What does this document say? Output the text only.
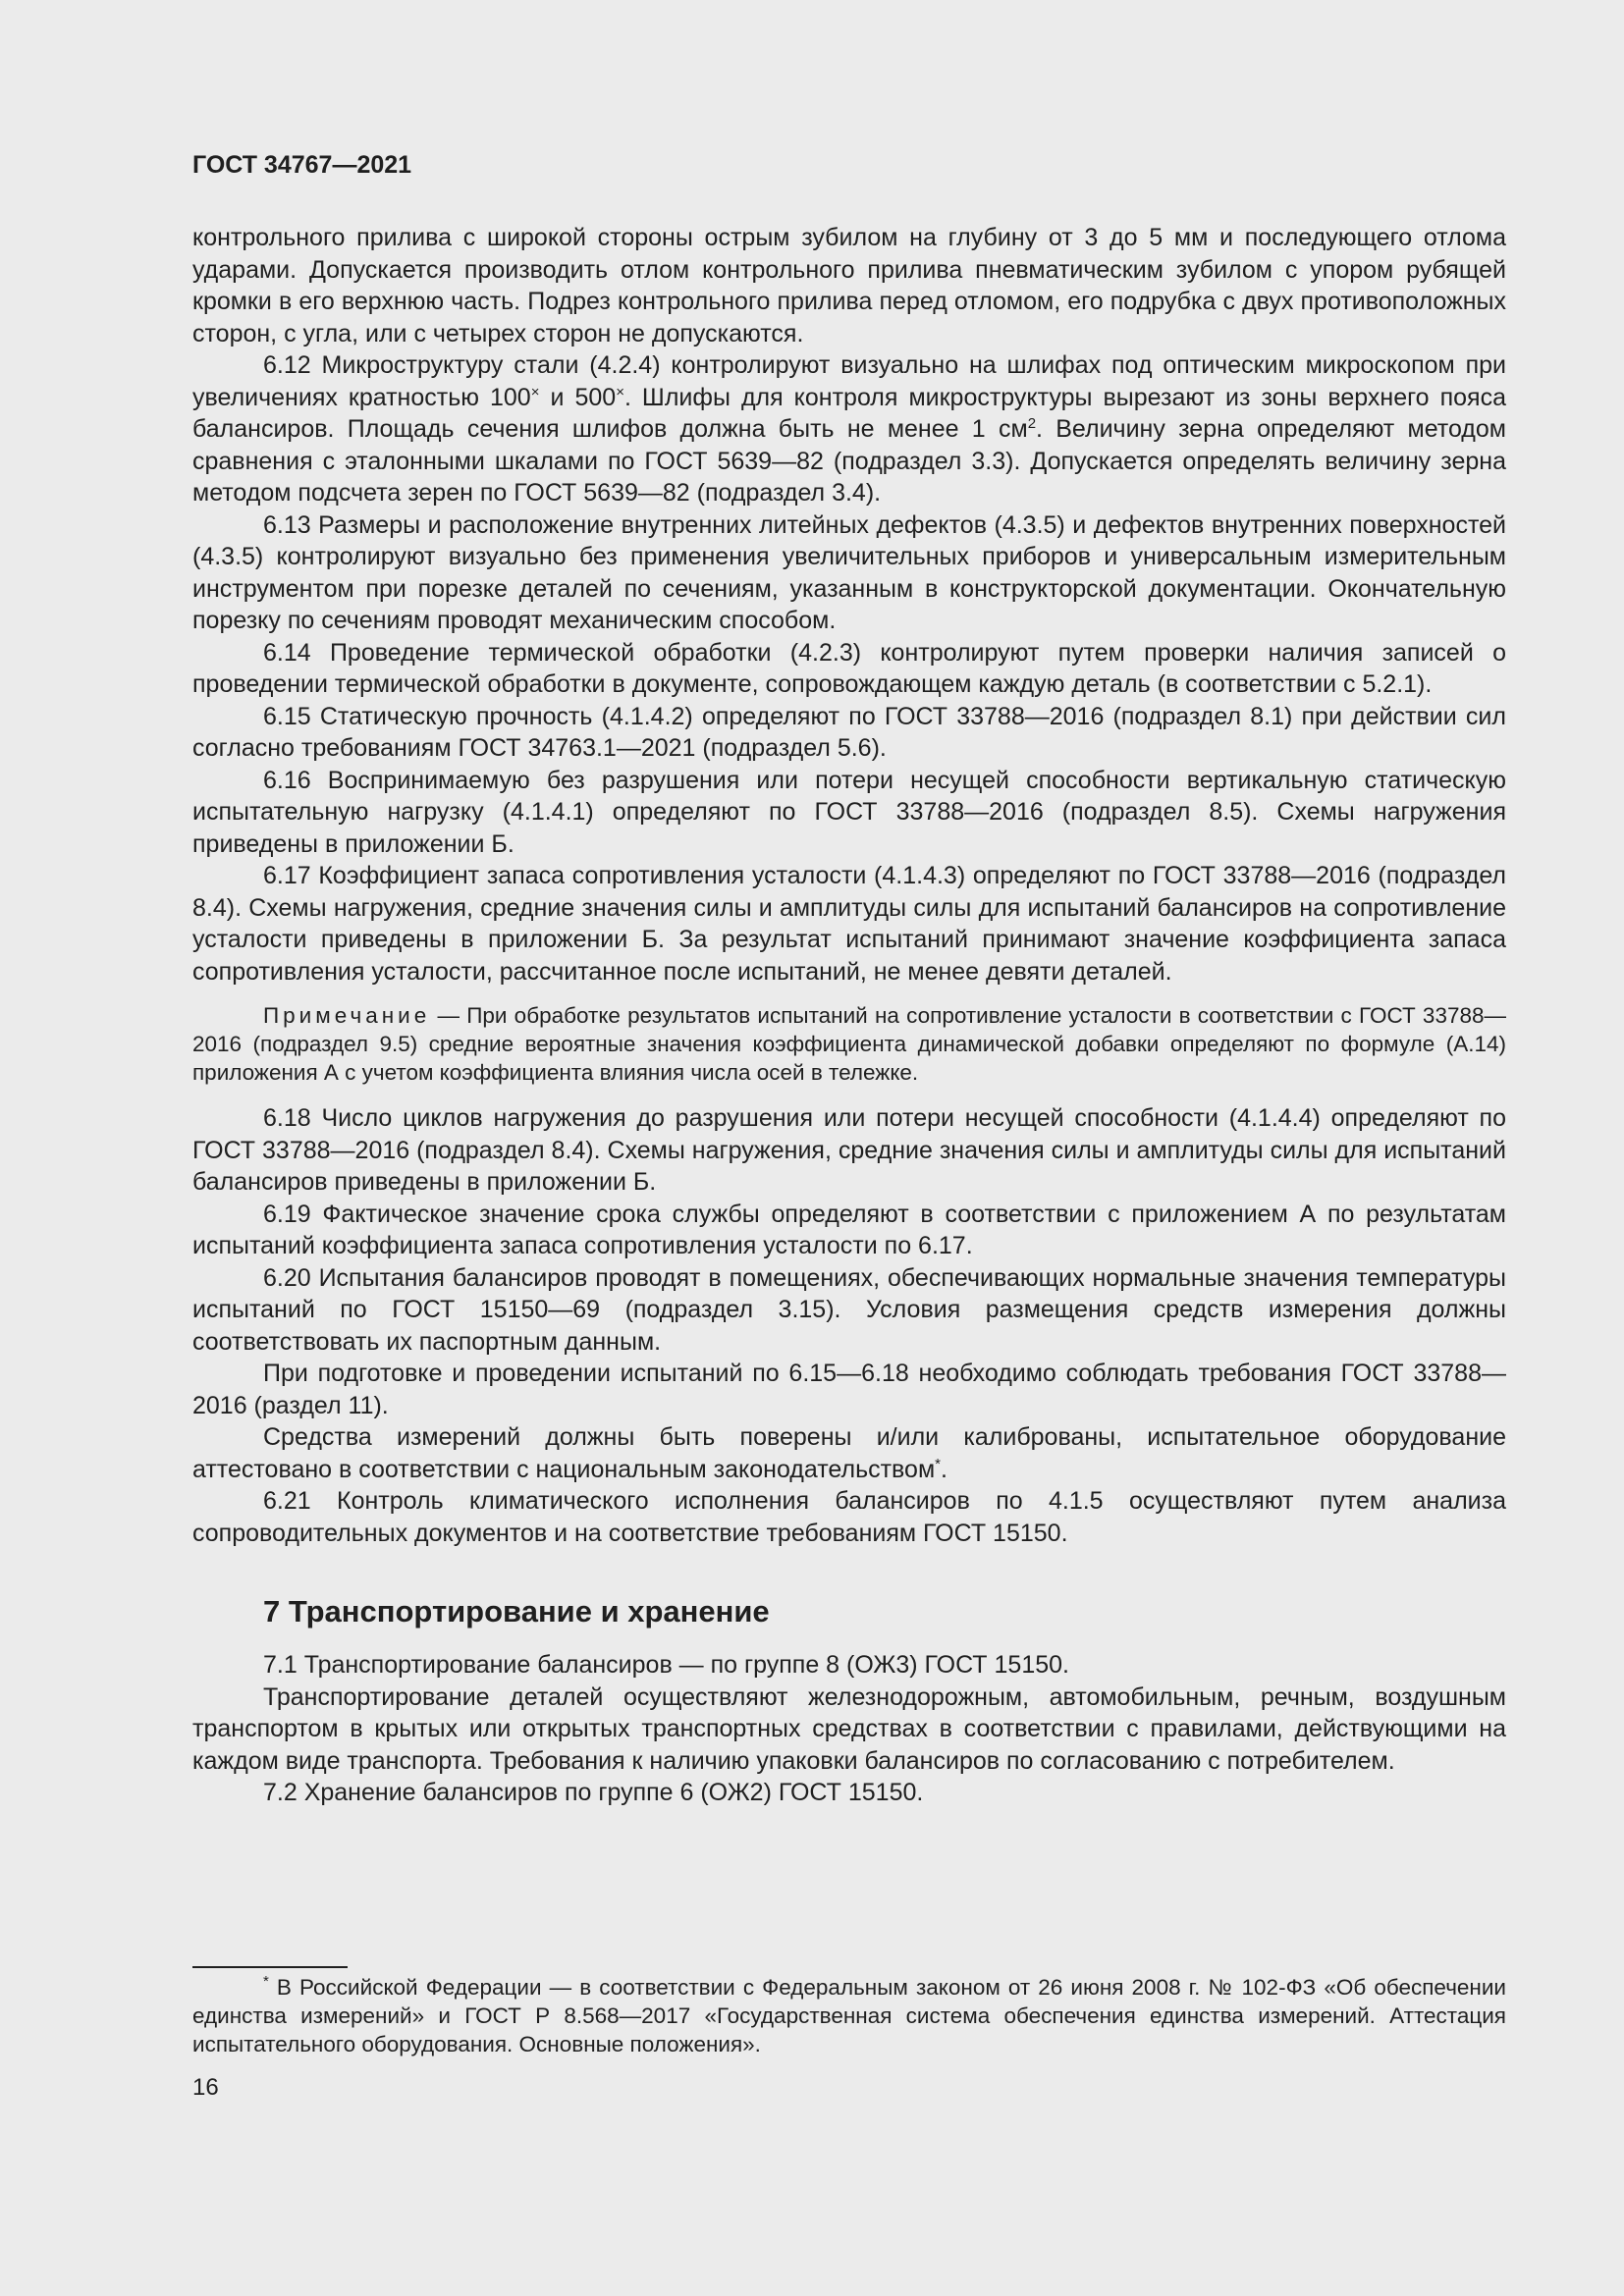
ГОСТ 34767—2021

контрольного прилива с широкой стороны острым зубилом на глубину от 3 до 5 мм и последующего отлома ударами. Допускается производить отлом контрольного прилива пневматическим зубилом с упором рубящей кромки в его верхнюю часть. Подрез контрольного прилива перед отломом, его подрубка с двух противоположных сторон, с угла, или с четырех сторон не допускаются.

6.12 Микроструктуру стали (4.2.4) контролируют визуально на шлифах под оптическим микроскопом при увеличениях кратностью 100× и 500×. Шлифы для контроля микроструктуры вырезают из зоны верхнего пояса балансиров. Площадь сечения шлифов должна быть не менее 1 $см^2$. Величину зерна определяют методом сравнения с эталонными шкалами по ГОСТ 5639—82 (подраздел 3.3). Допускается определять величину зерна методом подсчета зерен по ГОСТ 5639—82 (подраздел 3.4).

6.13 Размеры и расположение внутренних литейных дефектов (4.3.5) и дефектов внутренних поверхностей (4.3.5) контролируют визуально без применения увеличительных приборов и универсальным измерительным инструментом при порезке деталей по сечениям, указанным в конструкторской документации. Окончательную порезку по сечениям проводят механическим способом.

6.14 Проведение термической обработки (4.2.3) контролируют путем проверки наличия записей о проведении термической обработки в документе, сопровождающем каждую деталь (в соответствии с 5.2.1).

6.15 Статическую прочность (4.1.4.2) определяют по ГОСТ 33788—2016 (подраздел 8.1) при действии сил согласно требованиям ГОСТ 34763.1—2021 (подраздел 5.6).

6.16 Воспринимаемую без разрушения или потери несущей способности вертикальную статическую испытательную нагрузку (4.1.4.1) определяют по ГОСТ 33788—2016 (подраздел 8.5). Схемы нагружения приведены в приложении Б.

6.17 Коэффициент запаса сопротивления усталости (4.1.4.3) определяют по ГОСТ 33788—2016 (подраздел 8.4). Схемы нагружения, средние значения силы и амплитуды силы для испытаний балансиров на сопротивление усталости приведены в приложении Б. За результат испытаний принимают значение коэффициента запаса сопротивления усталости, рассчитанное после испытаний, не менее девяти деталей.

Примечание — При обработке результатов испытаний на сопротивление усталости в соответствии с ГОСТ 33788—2016 (подраздел 9.5) средние вероятные значения коэффициента динамической добавки определяют по формуле (А.14) приложения А с учетом коэффициента влияния числа осей в тележке.

6.18 Число циклов нагружения до разрушения или потери несущей способности (4.1.4.4) определяют по ГОСТ 33788—2016 (подраздел 8.4). Схемы нагружения, средние значения силы и амплитуды силы для испытаний балансиров приведены в приложении Б.

6.19 Фактическое значение срока службы определяют в соответствии с приложением А по результатам испытаний коэффициента запаса сопротивления усталости по 6.17.

6.20 Испытания балансиров проводят в помещениях, обеспечивающих нормальные значения температуры испытаний по ГОСТ 15150—69 (подраздел 3.15). Условия размещения средств измерения должны соответствовать их паспортным данным.

При подготовке и проведении испытаний по 6.15—6.18 необходимо соблюдать требования ГОСТ 33788—2016 (раздел 11).

Средства измерений должны быть поверены и/или калиброваны, испытательное оборудование аттестовано в соответствии с национальным законодательством*.

6.21 Контроль климатического исполнения балансиров по 4.1.5 осуществляют путем анализа сопроводительных документов и на соответствие требованиям ГОСТ 15150.

7 Транспортирование и хранение

7.1 Транспортирование балансиров — по группе 8 (ОЖ3) ГОСТ 15150.

Транспортирование деталей осуществляют железнодорожным, автомобильным, речным, воздушным транспортом в крытых или открытых транспортных средствах в соответствии с правилами, действующими на каждом виде транспорта. Требования к наличию упаковки балансиров по согласованию с потребителем.

7.2 Хранение балансиров по группе 6 (ОЖ2) ГОСТ 15150.

* В Российской Федерации — в соответствии с Федеральным законом от 26 июня 2008 г. № 102-ФЗ «Об обеспечении единства измерений» и ГОСТ Р 8.568—2017 «Государственная система обеспечения единства измерений. Аттестация испытательного оборудования. Основные положения».

16
